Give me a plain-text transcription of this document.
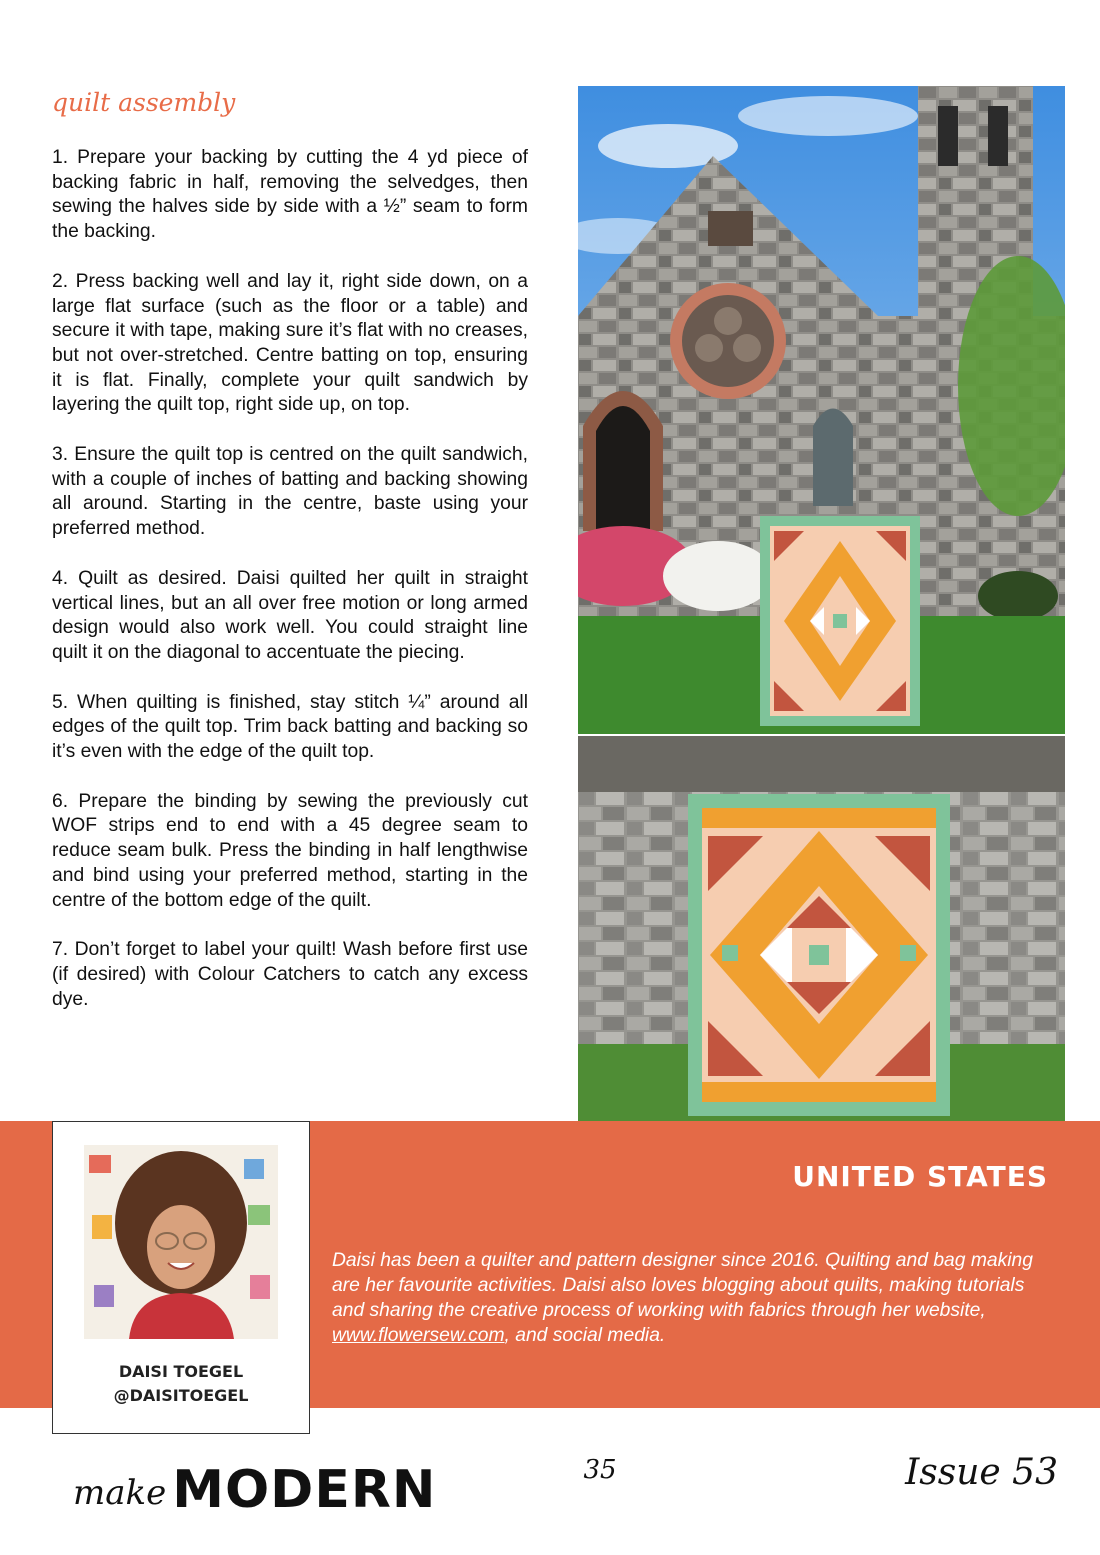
quilt assembly

1. Prepare your backing by cutting the 4 yd piece of backing fabric in half, removing the selvedges, then sewing the halves side by side with a ½” seam to form the backing.

2. Press backing well and lay it, right side down, on a large flat surface (such as the floor or a table) and secure it with tape, making sure it’s flat with no creases, but not over-stretched. Centre batting on top, ensuring it is flat. Finally, complete your quilt sandwich by layering the quilt top, right side up, on top.

3. Ensure the quilt top is centred on the quilt sandwich, with a couple of inches of batting and backing showing all around. Starting in the centre, baste using your preferred method.

4. Quilt as desired. Daisi quilted her quilt in straight vertical lines, but an all over free motion or long armed design would also work well. You could straight line quilt it on the diagonal to accentuate the piecing.

5. When quilting is finished, stay stitch ¼” around all edges of the quilt top. Trim back batting and backing so it’s even with the edge of the quilt top.

6. Prepare the binding by sewing the previously cut WOF strips end to end with a 45 degree seam to reduce seam bulk. Press the binding in half lengthwise and bind using your preferred method, starting in the centre of the bottom edge of the quilt.

7. Don’t forget to label your quilt! Wash before first use (if desired) with Colour Catchers to catch any excess dye.

UNITED STATES

Daisi has been a quilter and pattern designer since 2016. Quilting and bag making are her favourite activities. Daisi also loves blogging about quilts, making tutorials and sharing the creative process of working with fabrics through her website, www.flowersew.com, and social media.

DAISI TOEGEL
@DAISITOEGEL
make MODERN	35	Issue 53
